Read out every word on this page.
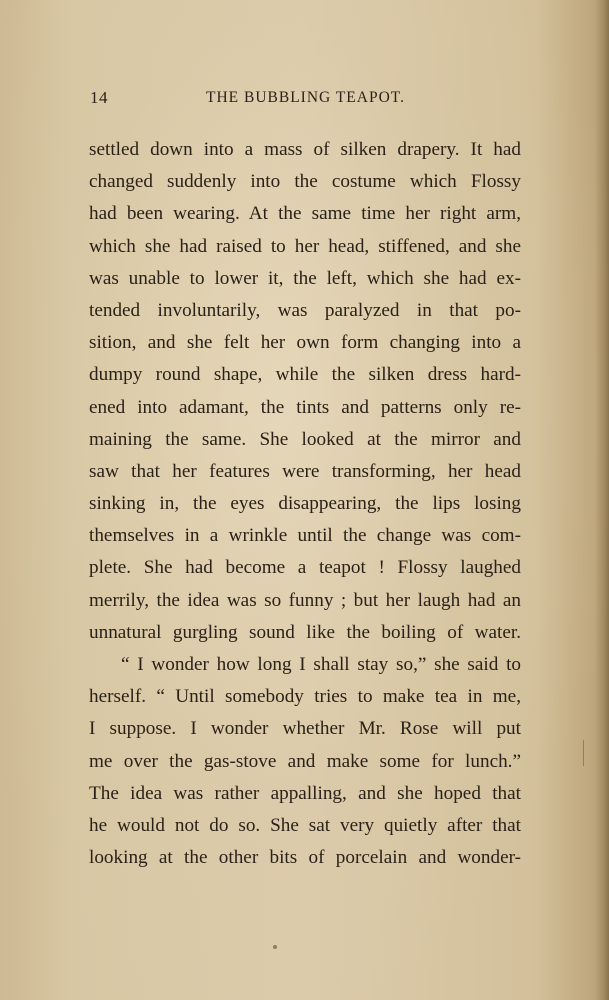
14	THE BUBBLING TEAPOT.
settled down into a mass of silken drapery. It had
changed suddenly into the costume which Flossy
had been wearing. At the same time her right arm,
which she had raised to her head, stiffened, and she
was unable to lower it, the left, which she had ex-
tended involuntarily, was paralyzed in that po-
sition, and she felt her own form changing into a
dumpy round shape, while the silken dress hard-
ened into adamant, the tints and patterns only re-
maining the same. She looked at the mirror and
saw that her features were transforming, her head
sinking in, the eyes disappearing, the lips losing
themselves in a wrinkle until the change was com-
plete. She had become a teapot ! Flossy laughed
merrily, the idea was so funny ; but her laugh had an
unnatural gurgling sound like the boiling of water.
“ I wonder how long I shall stay so,” she said to
herself. “ Until somebody tries to make tea in me,
I suppose. I wonder whether Mr. Rose will put
me over the gas-stove and make some for lunch.”
The idea was rather appalling, and she hoped that
he would not do so. She sat very quietly after that
looking at the other bits of porcelain and wonder-
